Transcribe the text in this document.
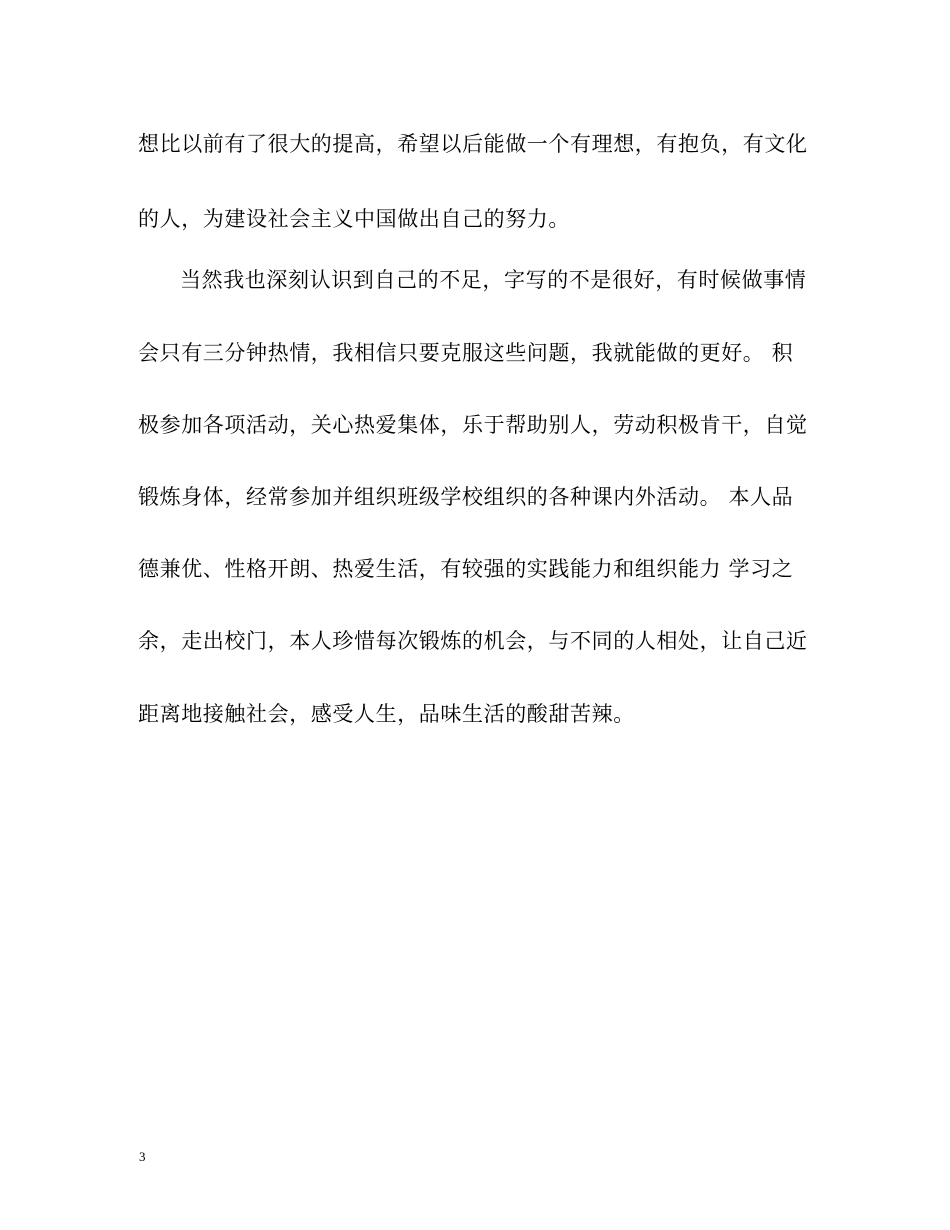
想比以前有了很大的提高，希望以后能做一个有理想，有抱负，有文化
的人，为建设社会主义中国做出自己的努力。
当然我也深刻认识到自己的不足，字写的不是很好，有时候做事情
会只有三分钟热情，我相信只要克服这些问题，我就能做的更好。 积
极参加各项活动，关心热爱集体，乐于帮助别人，劳动积极肯干，自觉
锻炼身体，经常参加并组织班级学校组织的各种课内外活动。 本人品
德兼优、性格开朗、热爱生活，有较强的实践能力和组织能力 学习之
余，走出校门，本人珍惜每次锻炼的机会，与不同的人相处，让自己近
距离地接触社会，感受人生，品味生活的酸甜苦辣。
3
